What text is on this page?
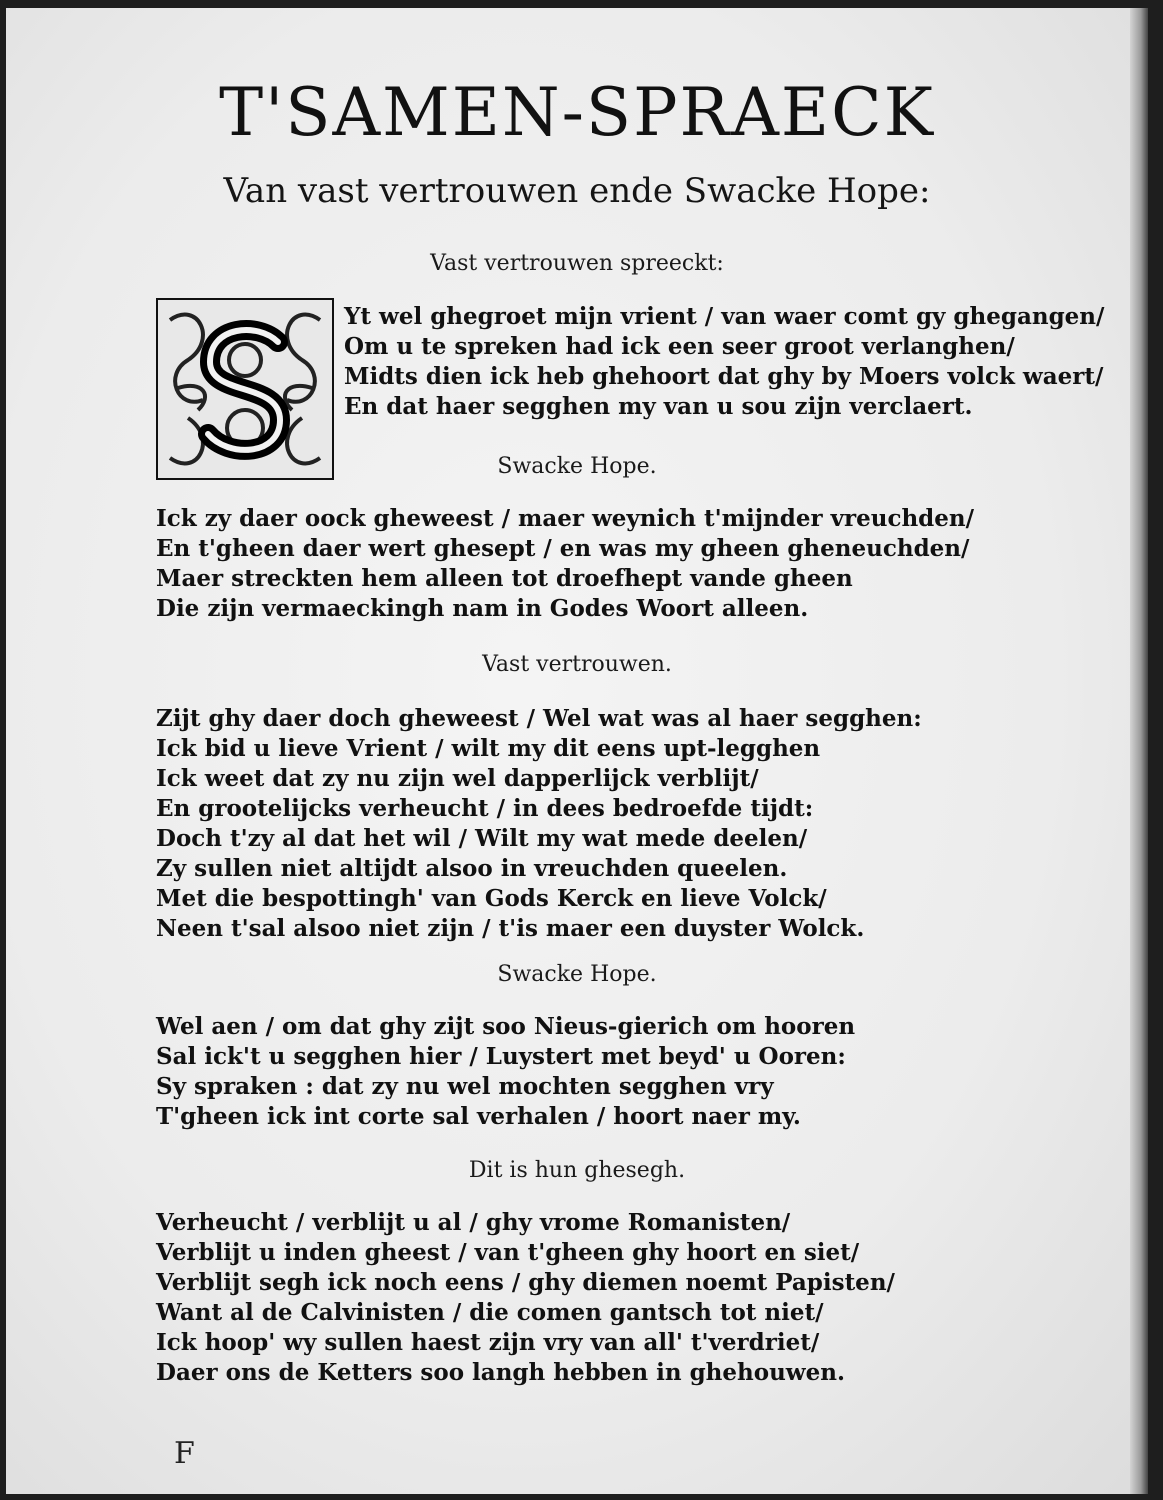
T'SAMEN-SPRAECK
Van vast vertrouwen ende Swacke Hope:

Vast vertrouwen spreeckt:

Yt wel ghegroet mijn vrient / van waer comt gy ghegangen/
Om u te spreken had ick een seer groot verlanghen/
Midts dien ick heb ghehoort dat ghy by Moers volck waert/
En dat haer segghen my van u sou zijn verclaert.

Swacke Hope.

Ick zy daer oock gheweest / maer weynich t'mijnder vreuchden/
En t'gheen daer wert ghesept / en was my gheen gheneuchden/
Maer streckten hem alleen tot droefhept vande gheen
Die zijn vermaeckingh nam in Godes Woort alleen.

Vast vertrouwen.

Zijt ghy daer doch gheweest / Wel wat was al haer segghen:
Ick bid u lieve Vrient / wilt my dit eens upt-legghen
Ick weet dat zy nu zijn wel dapperlijck verblijt/
En grootelijcks verheucht / in dees bedroefde tijdt:
Doch t'zy al dat het wil / Wilt my wat mede deelen/
Zy sullen niet altijdt alsoo in vreuchden queelen.
Met die bespottingh' van Gods Kerck en lieve Volck/
Neen t'sal alsoo niet zijn / t'is maer een duyster Wolck.

Swacke Hope.

Wel aen / om dat ghy zijt soo Nieus-gierich om hooren
Sal ick't u segghen hier / Luystert met beyd' u Ooren:
Sy spraken : dat zy nu wel mochten segghen vry
T'gheen ick int corte sal verhalen / hoort naer my.

Dit is hun ghesegh.

Verheucht / verblijt u al / ghy vrome Romanisten/
Verblijt u inden gheest / van t'gheen ghy hoort en siet/
Verblijt segh ick noch eens / ghy diemen noemt Papisten/
Want al de Calvinisten / die comen gantsch tot niet/
Ick hoop' wy sullen haest zijn vry van all' t'verdriet/
Daer ons de Ketters soo langh hebben in ghehouwen.

F
